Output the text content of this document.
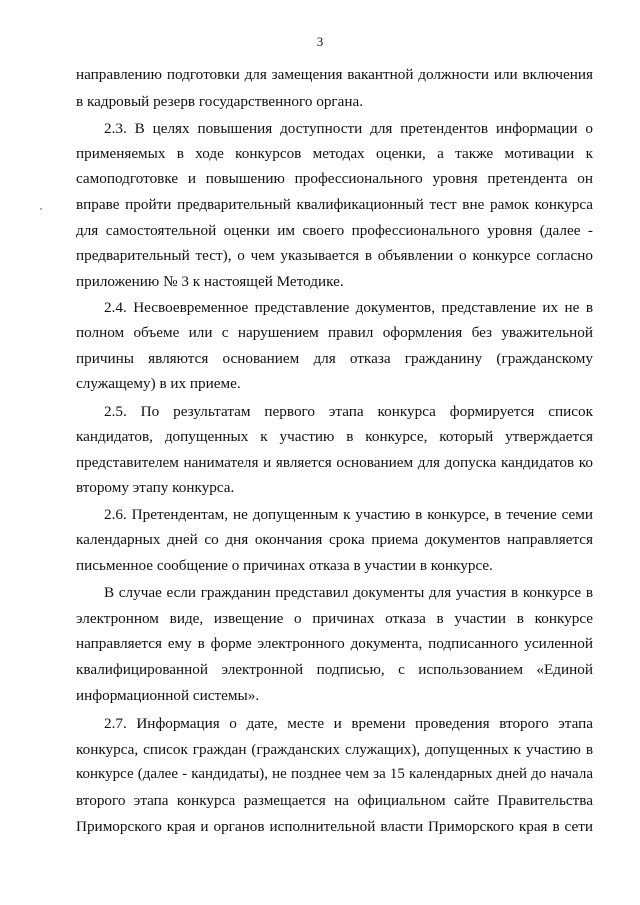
3
направлению подготовки для замещения вакантной должности или включения
в кадровый резерв государственного органа.
2.3. В целях повышения доступности для претендентов информации о
применяемых в ходе конкурсов методах оценки, а также мотивации к
самоподготовке и повышению профессионального уровня претендента он
вправе пройти предварительный квалификационный тест вне рамок конкурса
для самостоятельной оценки им своего профессионального уровня (далее -
предварительный тест), о чем указывается в объявлении о конкурсе согласно
приложению № 3 к настоящей Методике.
2.4. Несвоевременное представление документов, представление их не в
полном объеме или с нарушением правил оформления без уважительной
причины являются основанием для отказа гражданину (гражданскому
служащему) в их приеме.
2.5. По результатам первого этапа конкурса формируется список
кандидатов, допущенных к участию в конкурсе, который утверждается
представителем нанимателя и является основанием для допуска кандидатов ко
второму этапу конкурса.
2.6. Претендентам, не допущенным к участию в конкурсе, в течение семи
календарных дней со дня окончания срока приема документов направляется
письменное сообщение о причинах отказа в участии в конкурсе.
В случае если гражданин представил документы для участия в конкурсе в
электронном виде, извещение о причинах отказа в участии в конкурсе
направляется ему в форме электронного документа, подписанного усиленной
квалифицированной электронной подписью, с использованием «Единой
информационной системы».
2.7. Информация о дате, месте и времени проведения второго этапа
конкурса, список граждан (гражданских служащих), допущенных к участию в
конкурсе (далее - кандидаты), не позднее чем за 15 календарных дней до начала
второго этапа конкурса размещается на официальном сайте Правительства
Приморского края и органов исполнительной власти Приморского края в сети
